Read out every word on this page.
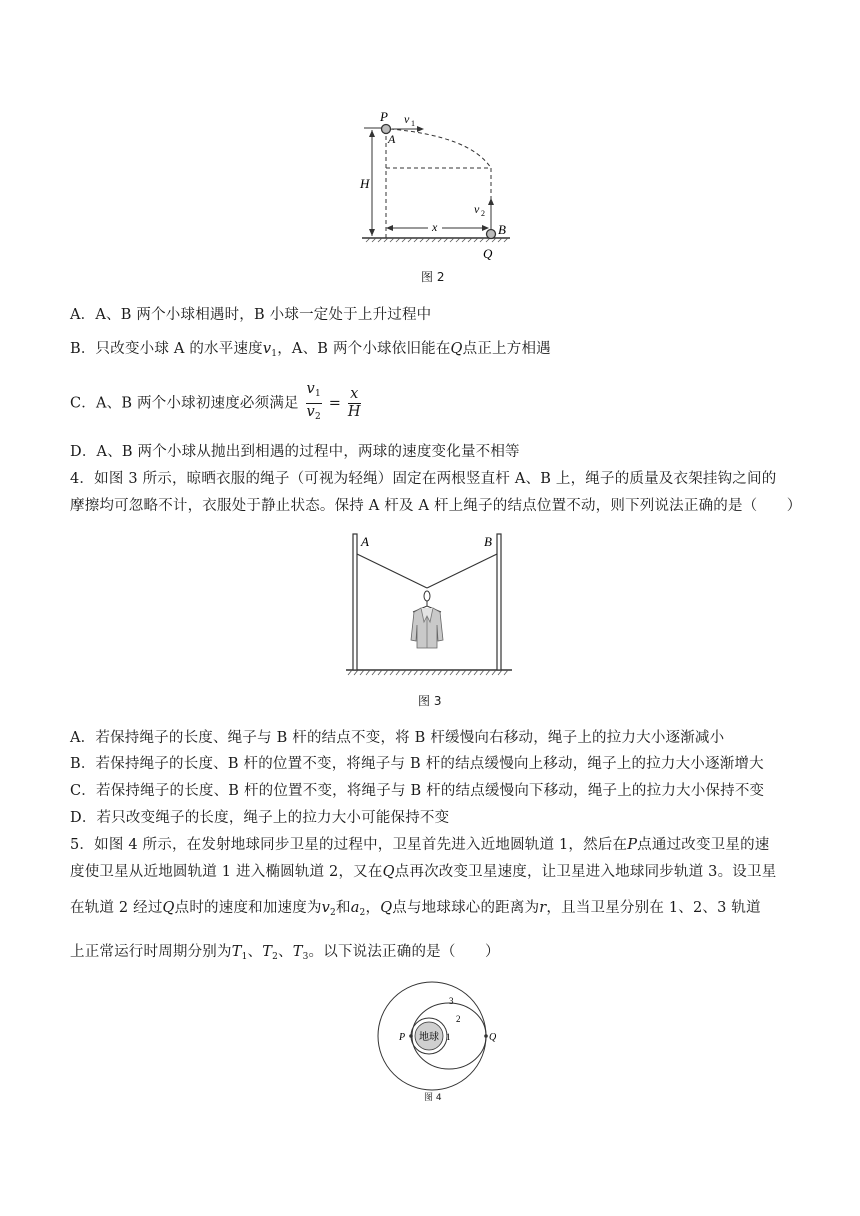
P
A
v 1
H
v 2
x	B
Q
图 2
A．A、B 两个小球相遇时，B 小球一定处于上升过程中
B．只改变小球 A 的水平速度$v_1$，A、B 两个小球依旧能在Q点正上方相遇
C．A、B 两个小球初速度必须满足 $\frac{v_1}{v_2} = \frac{x}{H}$
D．A、B 两个小球从抛出到相遇的过程中，两球的速度变化量不相等
4．如图 3 所示，晾晒衣服的绳子（可视为轻绳）固定在两根竖直杆 A、B 上，绳子的质量及衣架挂钩之间的
摩擦均可忽略不计，衣服处于静止状态。保持 A 杆及 A 杆上绳子的结点位置不动，则下列说法正确的是（　　）
A	B
图 3
A．若保持绳子的长度、绳子与 B 杆的结点不变，将 B 杆缓慢向右移动，绳子上的拉力大小逐渐减小
B．若保持绳子的长度、B 杆的位置不变，将绳子与 B 杆的结点缓慢向上移动，绳子上的拉力大小逐渐增大
C．若保持绳子的长度、B 杆的位置不变，将绳子与 B 杆的结点缓慢向下移动，绳子上的拉力大小保持不变
D．若只改变绳子的长度，绳子上的拉力大小可能保持不变
5．如图 4 所示，在发射地球同步卫星的过程中，卫星首先进入近地圆轨道 1，然后在P点通过改变卫星的速
度使卫星从近地圆轨道 1 进入椭圆轨道 2，又在Q点再次改变卫星速度，让卫星进入地球同步轨道 3。设卫星
在轨道 2 经过Q点时的速度和加速度为$v_2$和$a_2$，Q点与地球球心的距离为r，且当卫星分别在 1、2、3 轨道
上正常运行时周期分别为$T_1$、$T_2$、$T_3$。以下说法正确的是（　　）
地球
P	Q
1
2
3
图 4
